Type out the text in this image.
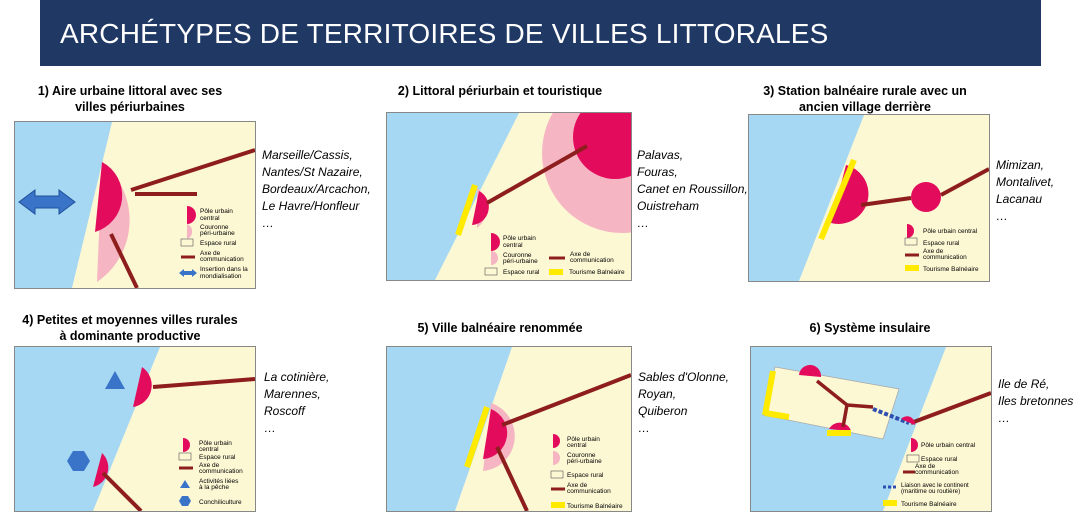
ARCHÉTYPES DE TERRITOIRES DE VILLES LITTORALES
1) Aire urbaine littoral avec ses
villes périurbaines
Pôle urbain
central
Couronne
péri-urbaine
Espace rural
Axe de
communication
Insertion dans la
mondialisation
Marseille/Cassis,
Nantes/St Nazaire,
Bordeaux/Arcachon,
Le Havre/Honfleur
…
2) Littoral périurbain et touristique
Pôle urbain
central
Couronne
péri-urbaine
Axe de
communication
Espace rural	Tourisme Balnéaire
Palavas,
Fouras,
Canet en Roussillon,
Ouistreham
…
3) Station balnéaire rurale avec un
ancien village derrière
Pôle urbain central
Espace rural
Axe de
communication
Tourisme Balnéaire
Mimizan,
Montalivet,
Lacanau
…
4) Petites et moyennes villes rurales
à dominante productive
Pôle urbain
central
Espace rural
Axe de
communication
Activités liées
à la pêche
Conchiliculture
La cotinière,
Marennes,
Roscoff
…
5) Ville balnéaire renommée
Pôle urbain
central
Couronne
péri-urbaine
Espace rural
Axe de
communication
Tourisme Balnéaire
Sables d'Olonne,
Royan,
Quiberon
…
6) Système insulaire
Pôle urbain central
Espace rural
Axe de
communication
Liaison avec le continent
(maritime ou routière)
Tourisme Balnéaire
Ile de Ré,
Iles bretonnes
…
